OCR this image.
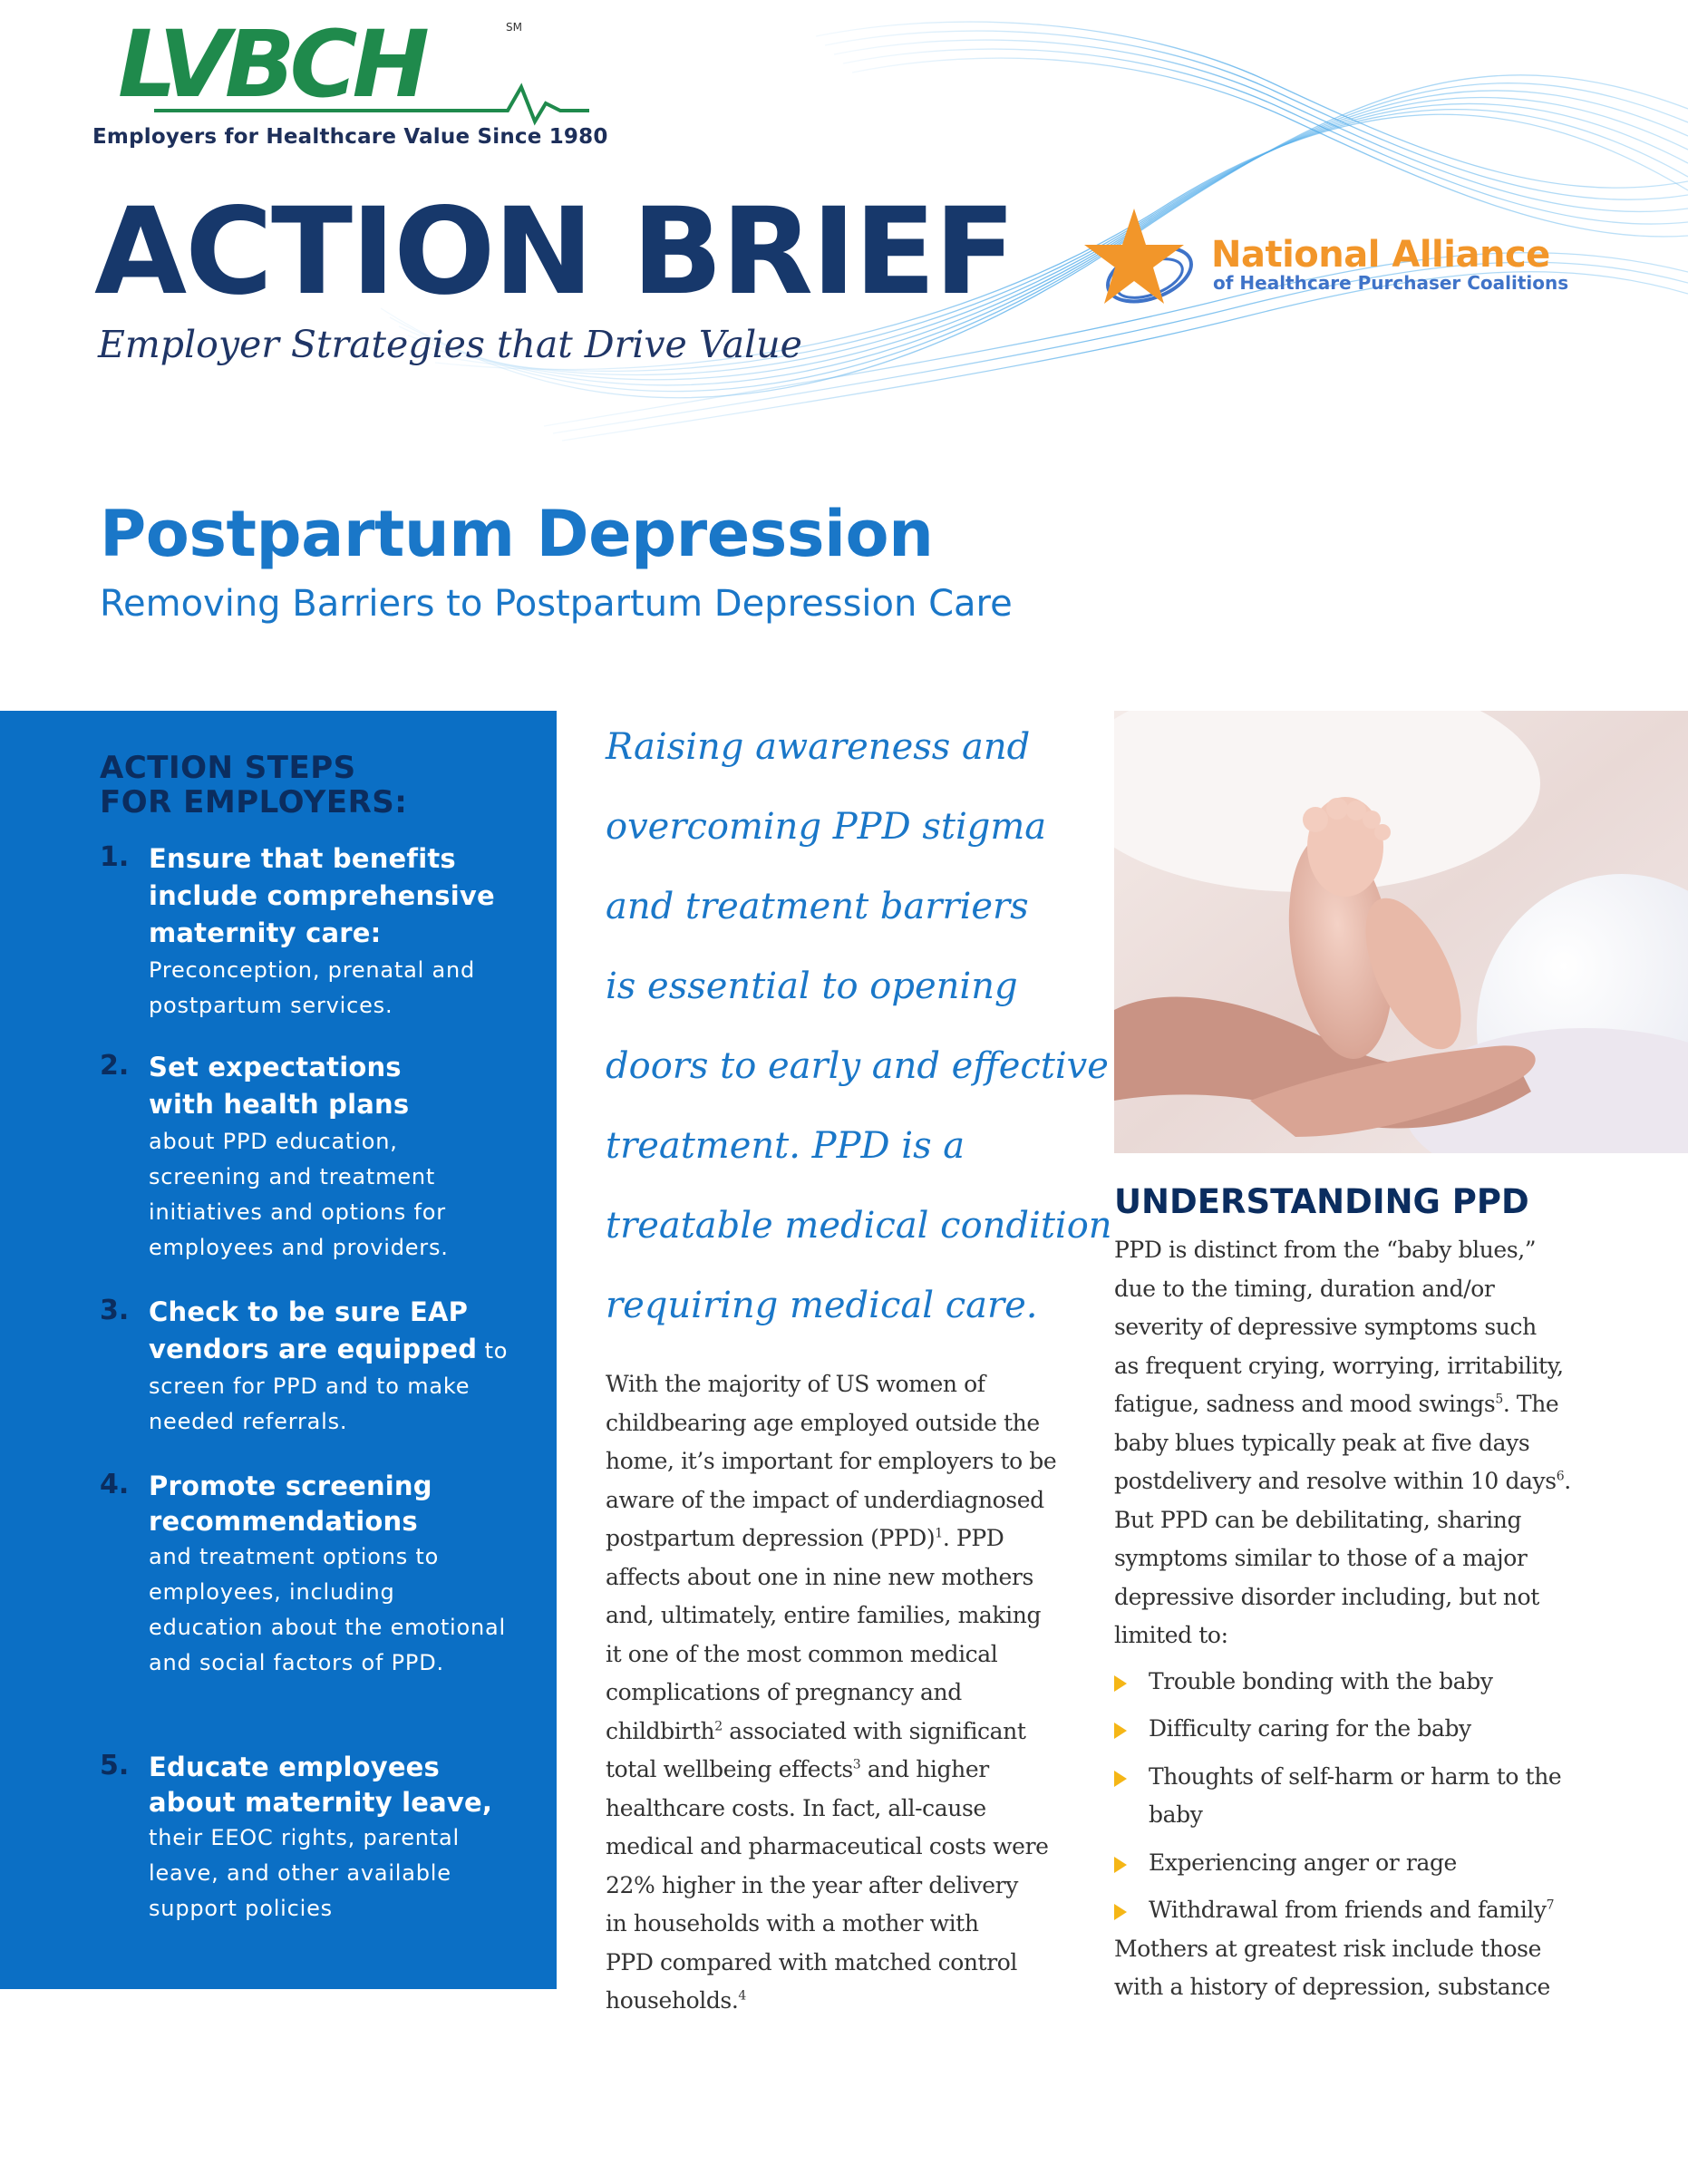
LVBCH	SM
Employers for Healthcare Value Since 1980
ACTION BRIEF
Employer Strategies that Drive Value
National Alliance
of Healthcare Purchaser Coalitions
Postpartum Depression
Removing Barriers to Postpartum Depression Care
ACTION STEPS
FOR EMPLOYERS:
1. Ensure that benefits include comprehensive maternity care:
Preconception, prenatal and postpartum services.
2. Set expectations with health plans about PPD education, screening and treatment initiatives and options for employees and providers.
3. Check to be sure EAP vendors are equipped to screen for PPD and to make needed referrals.
4. Promote screening recommendations
and treatment options to employees, including education about the emotional and social factors of PPD.
5. Educate employees about maternity leave,
their EEOC rights, parental leave, and other available support policies
Raising awareness and
overcoming PPD stigma
and treatment barriers
is essential to opening
doors to early and effective
treatment. PPD is a
treatable medical condition
requiring medical care.
With the majority of US women of
childbearing age employed outside the
home, it’s important for employers to be
aware of the impact of underdiagnosed
postpartum depression (PPD)$^1$. PPD
affects about one in nine new mothers
and, ultimately, entire families, making
it one of the most common medical
complications of pregnancy and
childbirth$^2$ associated with significant
total wellbeing effects$^3$ and higher
healthcare costs. In fact, all-cause
medical and pharmaceutical costs were
22% higher in the year after delivery
in households with a mother with
PPD compared with matched control
households.$^4$
UNDERSTANDING PPD
PPD is distinct from the “baby blues,”
due to the timing, duration and/or
severity of depressive symptoms such
as frequent crying, worrying, irritability,
fatigue, sadness and mood swings$^5$. The
baby blues typically peak at five days
postdelivery and resolve within 10 days$^6$.
But PPD can be debilitating, sharing
symptoms similar to those of a major
depressive disorder including, but not
limited to:
Trouble bonding with the baby
Difficulty caring for the baby
Thoughts of self-harm or harm to the
baby
Experiencing anger or rage
Withdrawal from friends and family$^7$
Mothers at greatest risk include those
with a history of depression, substance
